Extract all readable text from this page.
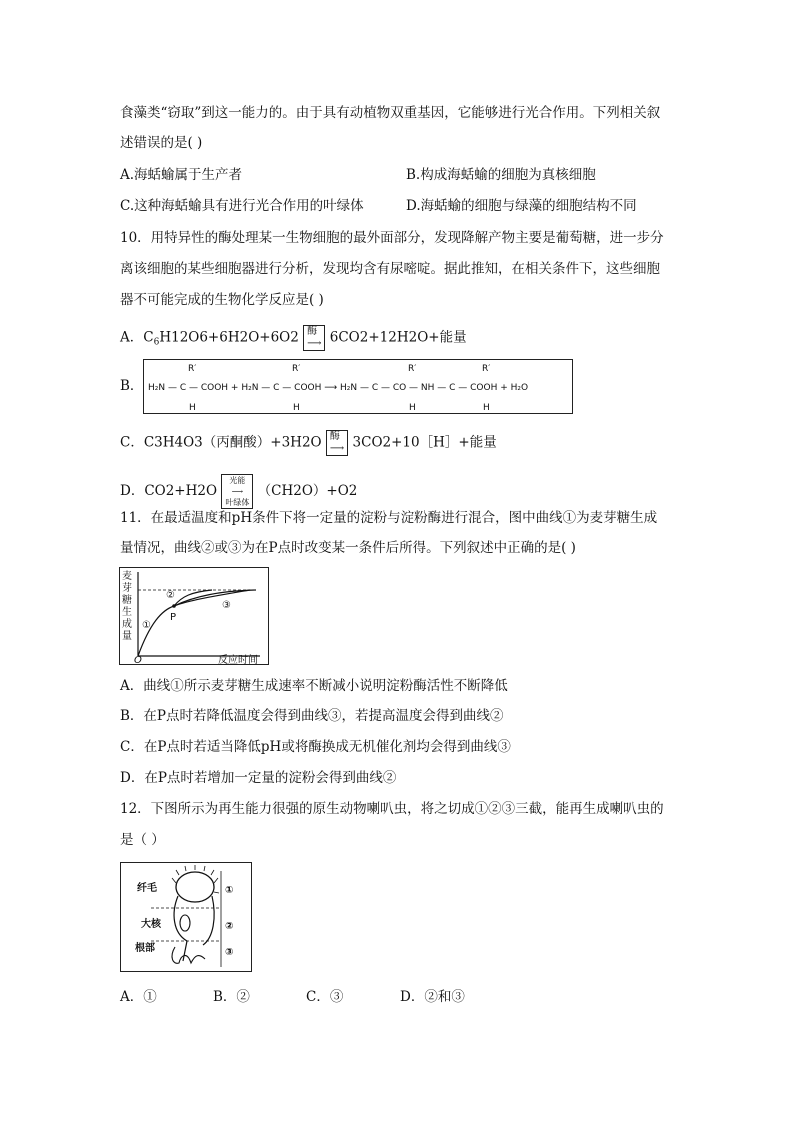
食藻类“窃取”到这一能力的。由于具有动植物双重基因，它能够进行光合作用。下列相关叙
述错误的是( )
A.海蛞蝓属于生产者	B.构成海蛞蝓的细胞为真核细胞
C.这种海蛞蝓具有进行光合作用的叶绿体	D.海蛞蝓的细胞与绿藻的细胞结构不同
10．用特异性的酶处理某一生物细胞的最外面部分，发现降解产物主要是葡萄糖，进一步分
离该细胞的某些细胞器进行分析，发现均含有尿嘧啶。据此推知，在相关条件下，这些细胞
器不可能完成的生物化学反应是( )
A．$C_6H12O6+6H2O+6O2$ 酶
⟶ 6CO2+12H2O+能量
B． H₂N — C — COOH + H₂N — C — COOH ⟶ H₂N — C — CO — NH — C — COOH + H₂O
R′	R′	R′	R′
H	H	H	H
C．C3H4O3（丙酮酸）+3H2O 酶
⟶ 3CO2+10［H］+能量
D．CO2+H2O 光能
⟶
叶绿体 （CH2O）+O2
11．在最适温度和pH条件下将一定量的淀粉与淀粉酶进行混合，图中曲线①为麦芽糖生成
量情况，曲线②或③为在P点时改变某一条件后所得。下列叙述中正确的是( )
麦
芽
糖
生
成
量
O	反应时间
P
①
②
③
A．曲线①所示麦芽糖生成速率不断减小说明淀粉酶活性不断降低
B．在P点时若降低温度会得到曲线③，若提高温度会得到曲线②
C．在P点时若适当降低pH或将酶换成无机催化剂均会得到曲线③
D．在P点时若增加一定量的淀粉会得到曲线②
12．下图所示为再生能力很强的原生动物喇叭虫，将之切成①②③三截，能再生成喇叭虫的
是（ ）
纤毛
大核
根部
①
②
③
A．①	B．②	C．③	D．②和③
